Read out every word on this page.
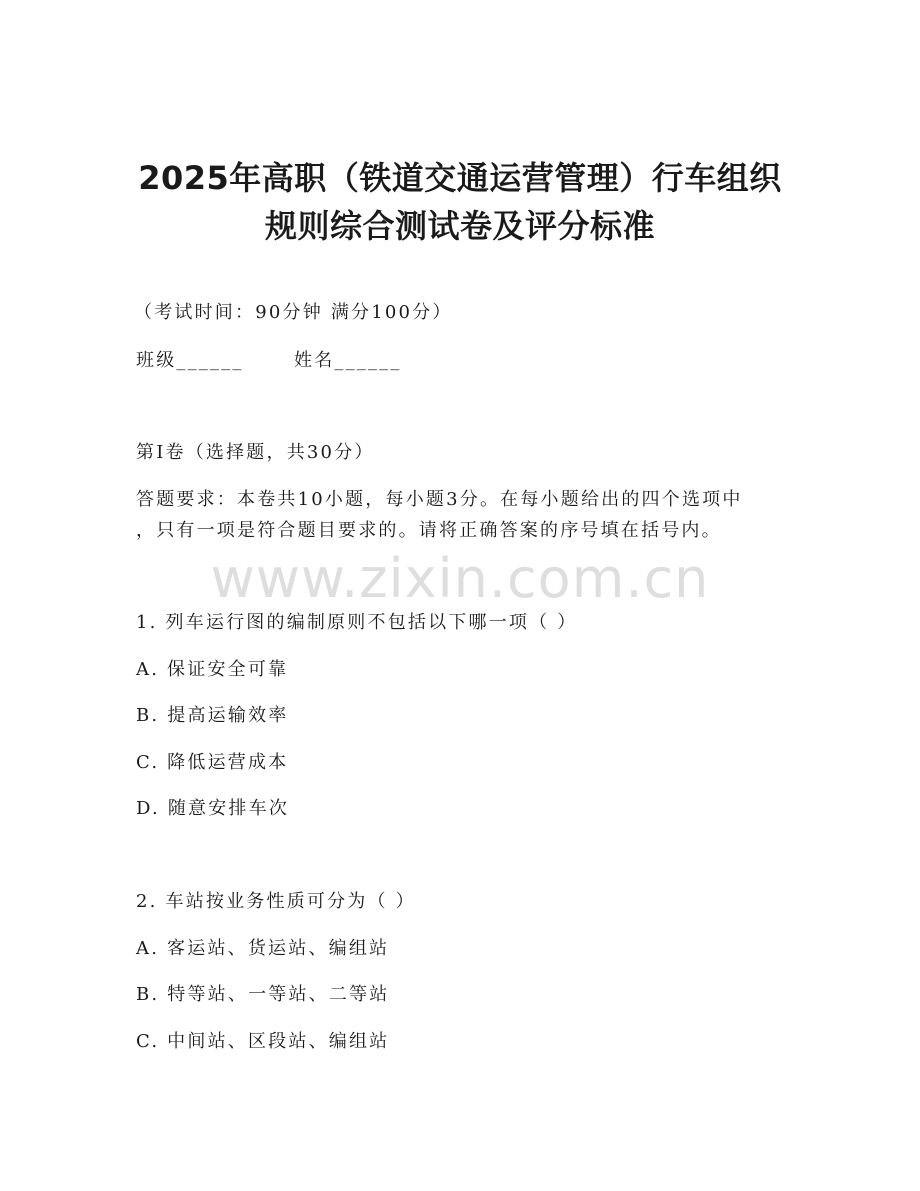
www.zixin.com.cn
2025年高职（铁道交通运营管理）行车组织
规则综合测试卷及评分标准

（考试时间：90分钟 满分100分）

班级______	姓名______

第I卷（选择题，共30分）

答题要求：本卷共10小题，每小题3分。在每小题给出的四个选项中

，只有一项是符合题目要求的。请将正确答案的序号填在括号内。

1. 列车运行图的编制原则不包括以下哪一项（ ）

A. 保证安全可靠

B. 提高运输效率

C. 降低运营成本

D. 随意安排车次

2. 车站按业务性质可分为（ ）

A. 客运站、货运站、编组站

B. 特等站、一等站、二等站

C. 中间站、区段站、编组站
